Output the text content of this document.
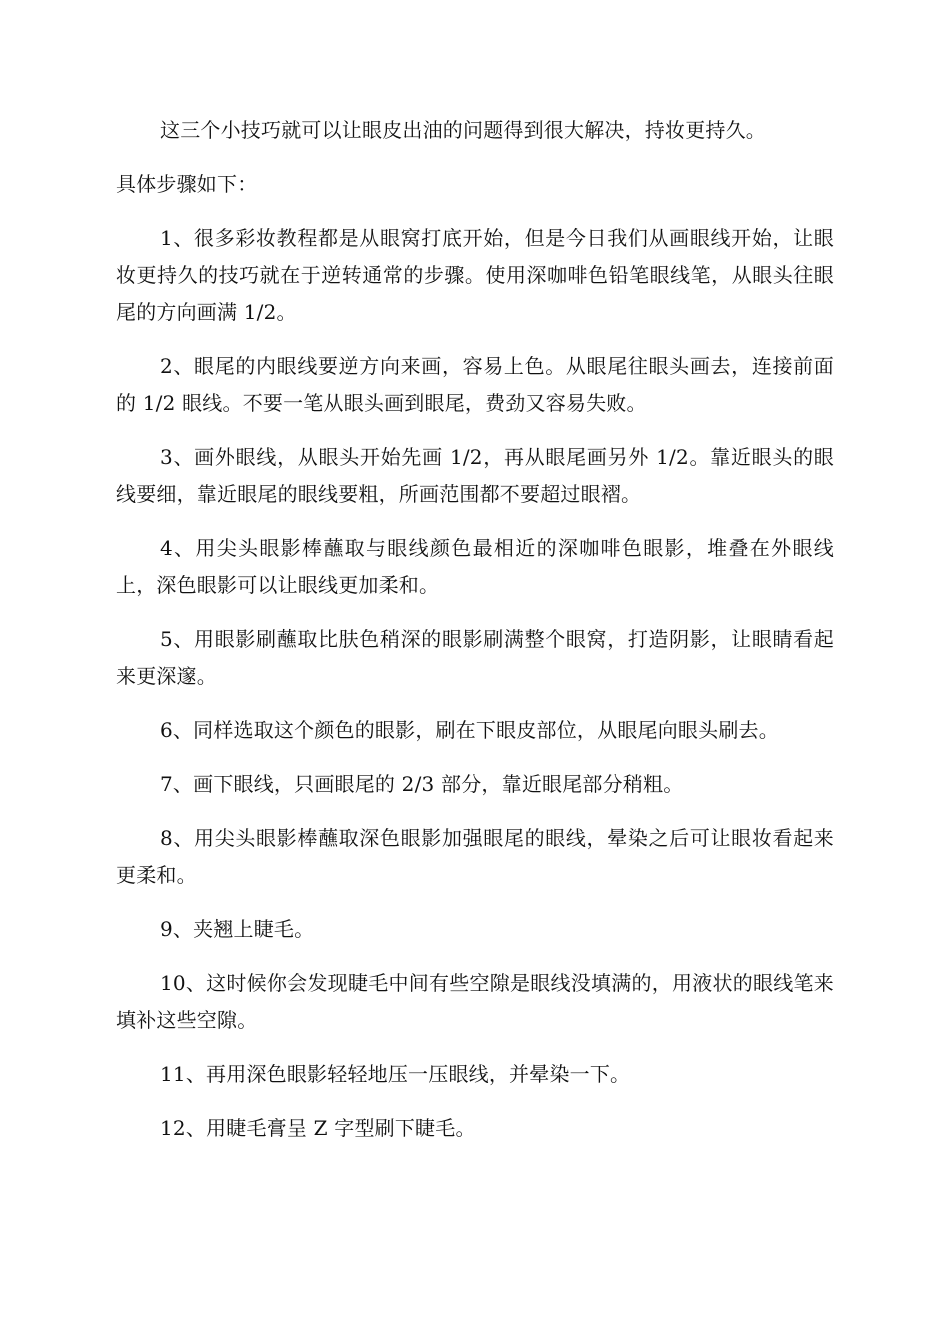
这三个小技巧就可以让眼皮出油的问题得到很大解决，持妆更持久。

具体步骤如下：

1、很多彩妆教程都是从眼窝打底开始，但是今日我们从画眼线开始，让眼妆更持久的技巧就在于逆转通常的步骤。使用深咖啡色铅笔眼线笔，从眼头往眼尾的方向画满 1/2。

2、眼尾的内眼线要逆方向来画，容易上色。从眼尾往眼头画去，连接前面的 1/2 眼线。不要一笔从眼头画到眼尾，费劲又容易失败。

3、画外眼线，从眼头开始先画 1/2，再从眼尾画另外 1/2。靠近眼头的眼线要细，靠近眼尾的眼线要粗，所画范围都不要超过眼褶。

4、用尖头眼影棒蘸取与眼线颜色最相近的深咖啡色眼影，堆叠在外眼线上，深色眼影可以让眼线更加柔和。

5、用眼影刷蘸取比肤色稍深的眼影刷满整个眼窝，打造阴影，让眼睛看起来更深邃。

6、同样选取这个颜色的眼影，刷在下眼皮部位，从眼尾向眼头刷去。

7、画下眼线，只画眼尾的 2/3 部分，靠近眼尾部分稍粗。

8、用尖头眼影棒蘸取深色眼影加强眼尾的眼线，晕染之后可让眼妆看起来更柔和。

9、夹翘上睫毛。

10、这时候你会发现睫毛中间有些空隙是眼线没填满的，用液状的眼线笔来填补这些空隙。

11、再用深色眼影轻轻地压一压眼线，并晕染一下。

12、用睫毛膏呈 Z 字型刷下睫毛。
